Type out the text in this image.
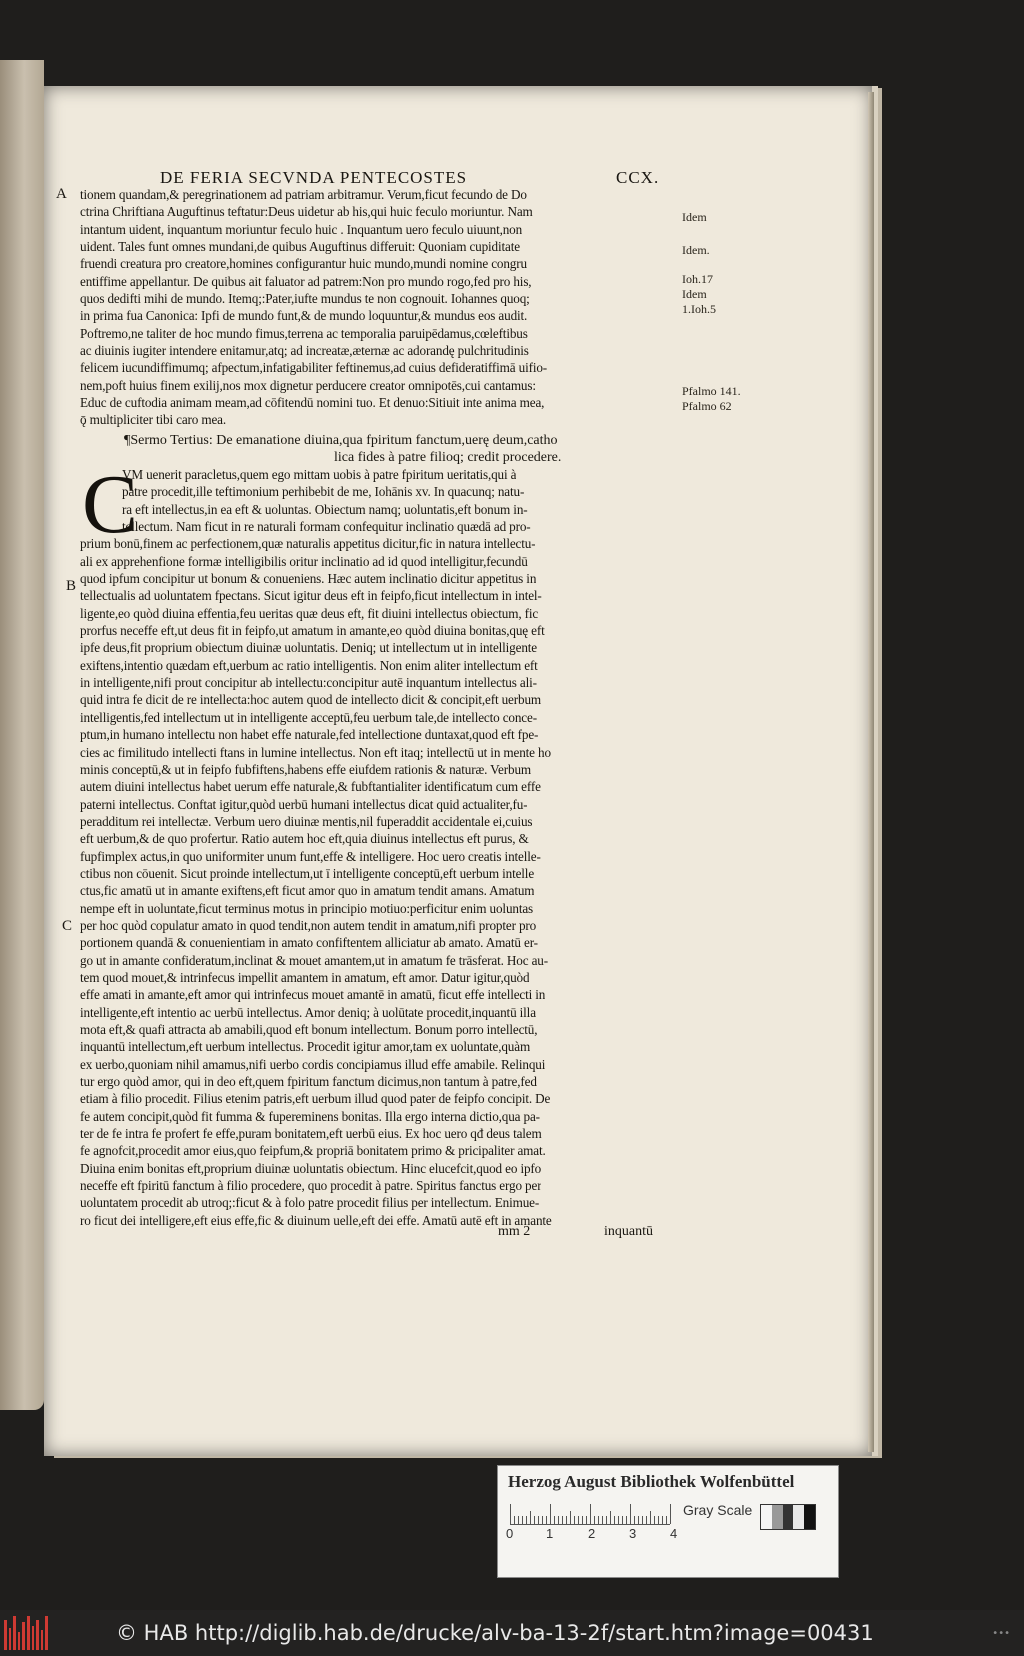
DE FERIA SECVNDA PENTECOSTES	CCX.
A
B
C
tionem quandam,& peregrinationem ad patriam arbitramur. Verum,ficut fecundo de Do
ctrina Chriftiana Auguftinus teftatur:Deus uidetur ab his,qui huic feculo moriuntur. Nam
intantum uident, inquantum moriuntur feculo huic . Inquantum uero feculo uiuunt,non
uident. Tales funt omnes mundani,de quibus Auguftinus differuit: Quoniam cupiditate
fruendi creatura pro creatore,homines configurantur huic mundo,mundi nomine congru
entiffime appellantur. De quibus ait faluator ad patrem:Non pro mundo rogo,fed pro his,
quos dedifti mihi de mundo. Itemq;:Pater,iufte mundus te non cognouit. Iohannes quoq;
in prima fua Canonica: Ipfi de mundo funt,& de mundo loquuntur,& mundus eos audit.
Poftremo,ne taliter de hoc mundo fimus,terrena ac temporalia paruipēdamus,cœleftibus
ac diuinis iugiter intendere enitamur,atq; ad increatæ,æternæ ac adorandę pulchritudinis
felicem iucundiffimumq; afpectum,infatigabiliter feftinemus,ad cuius defideratiffimā uifio-
nem,poft huius finem exilij,nos mox dignetur perducere creator omnipotēs,cui cantamus:
Educ de cuftodia animam meam,ad cōfitendū nomini tuo. Et denuo:Sitiuit inte anima mea,
ǭ multipliciter tibi caro mea.
¶Sermo Tertius: De emanatione diuina,qua fpiritum fanctum,uerę deum,catho
lica fides à patre filioq; credit procedere.
C
VM uenerit paracletus,quem ego mittam uobis à patre fpiritum ueritatis,qui à
patre procedit,ille teftimonium perhibebit de me, Iohānis xv. In quacunq; natu-
ra eft intellectus,in ea eft & uoluntas. Obiectum namq; uoluntatis,eft bonum in-
tellectum. Nam ficut in re naturali formam confequitur inclinatio quædā ad pro-
prium bonū,finem ac perfectionem,quæ naturalis appetitus dicitur,fic in natura intellectu-
ali ex apprehenfione formæ intelligibilis oritur inclinatio ad id quod intelligitur,fecundū
quod ipfum concipitur ut bonum & conueniens. Hæc autem inclinatio dicitur appetitus in
tellectualis ad uoluntatem fpectans. Sicut igitur deus eft in feipfo,ficut intellectum in intel-
ligente,eo quòd diuina effentia,feu ueritas quæ deus eft, fit diuini intellectus obiectum, fic
prorfus neceffe eft,ut deus fit in feipfo,ut amatum in amante,eo quòd diuina bonitas,quę eft
ipfe deus,fit proprium obiectum diuinæ uoluntatis. Deniq; ut intellectum ut in intelligente
exiftens,intentio quædam eft,uerbum ac ratio intelligentis. Non enim aliter intellectum eft
in intelligente,nifi prout concipitur ab intellectu:concipitur autē inquantum intellectus ali-
quid intra fe dicit de re intellecta:hoc autem quod de intellecto dicit & concipit,eft uerbum
intelligentis,fed intellectum ut in intelligente acceptū,feu uerbum tale,de intellecto conce-
ptum,in humano intellectu non habet effe naturale,fed intellectione duntaxat,quod eft fpe-
cies ac fimilitudo intellecti ftans in lumine intellectus. Non eft itaq; intellectū ut in mente ho
minis conceptū,& ut in feipfo fubfiftens,habens effe eiufdem rationis & naturæ. Verbum
autem diuini intellectus habet uerum effe naturale,& fubftantialiter identificatum cum effe
paterni intellectus. Conftat igitur,quòd uerbū humani intellectus dicat quid actualiter,fu-
peradditum rei intellectæ. Verbum uero diuinæ mentis,nil fuperaddit accidentale ei,cuius
eft uerbum,& de quo profertur. Ratio autem hoc eft,quia diuinus intellectus eft purus, &
fupfimplex actus,in quo uniformiter unum funt,effe & intelligere. Hoc uero creatis intelle-
ctibus non cōuenit. Sicut proinde intellectum,ut ī intelligente conceptū,eft uerbum intelle
ctus,fic amatū ut in amante exiftens,eft ficut amor quo in amatum tendit amans. Amatum
nempe eft in uoluntate,ficut terminus motus in principio motiuo:perficitur enim uoluntas
per hoc quòd copulatur amato in quod tendit,non autem tendit in amatum,nifi propter pro
portionem quandā & conuenientiam in amato confiftentem alliciatur ab amato. Amatū er-
go ut in amante confideratum,inclinat & mouet amantem,ut in amatum fe trāsferat. Hoc au-
tem quod mouet,& intrinfecus impellit amantem in amatum, eft amor. Datur igitur,quòd
effe amati in amante,eft amor qui intrinfecus mouet amantē in amatū, ficut effe intellecti in
intelligente,eft intentio ac uerbū intellectus. Amor deniq; à uolūtate procedit,inquantū illa
mota eft,& quafi attracta ab amabili,quod eft bonum intellectum. Bonum porro intellectū,
inquantū intellectum,eft uerbum intellectus. Procedit igitur amor,tam ex uoluntate,quàm
ex uerbo,quoniam nihil amamus,nifi uerbo cordis concipiamus illud effe amabile. Relinqui
tur ergo quòd amor, qui in deo eft,quem fpiritum fanctum dicimus,non tantum à patre,fed
etiam à filio procedit. Filius etenim patris,eft uerbum illud quod pater de feipfo concipit. De
fe autem concipit,quòd fit fumma & fupereminens bonitas. Illa ergo interna dictio,qua pa-
ter de fe intra fe profert fe effe,puram bonitatem,eft uerbū eius. Ex hoc uero qđ deus talem
fe agnofcit,procedit amor eius,quo feipfum,& propriā bonitatem primo & pricipaliter amat.
Diuina enim bonitas eft,proprium diuinæ uoluntatis obiectum. Hinc elucefcit,quod eo ipfo
neceffe eft fpiritū fanctum à filio procedere, quo procedit à patre. Spiritus fanctus ergo per
uoluntatem procedit ab utroq;:ficut & à folo patre procedit filius per intellectum. Enimue-
ro ficut dei intelligere,eft eius effe,fic & diuinum uelle,eft dei effe. Amatū autē eft in amante
Idem
Idem.
Ioh.17
Idem
1.Ioh.5
Pfalmo 141.
Pfalmo 62
mm 2	inquantū
Herzog August Bibliothek Wolfenbüttel
0	1	2	3	4
Gray Scale
© HAB http://diglib.hab.de/drucke/alv-ba-13-2f/start.htm?image=00431	•••
